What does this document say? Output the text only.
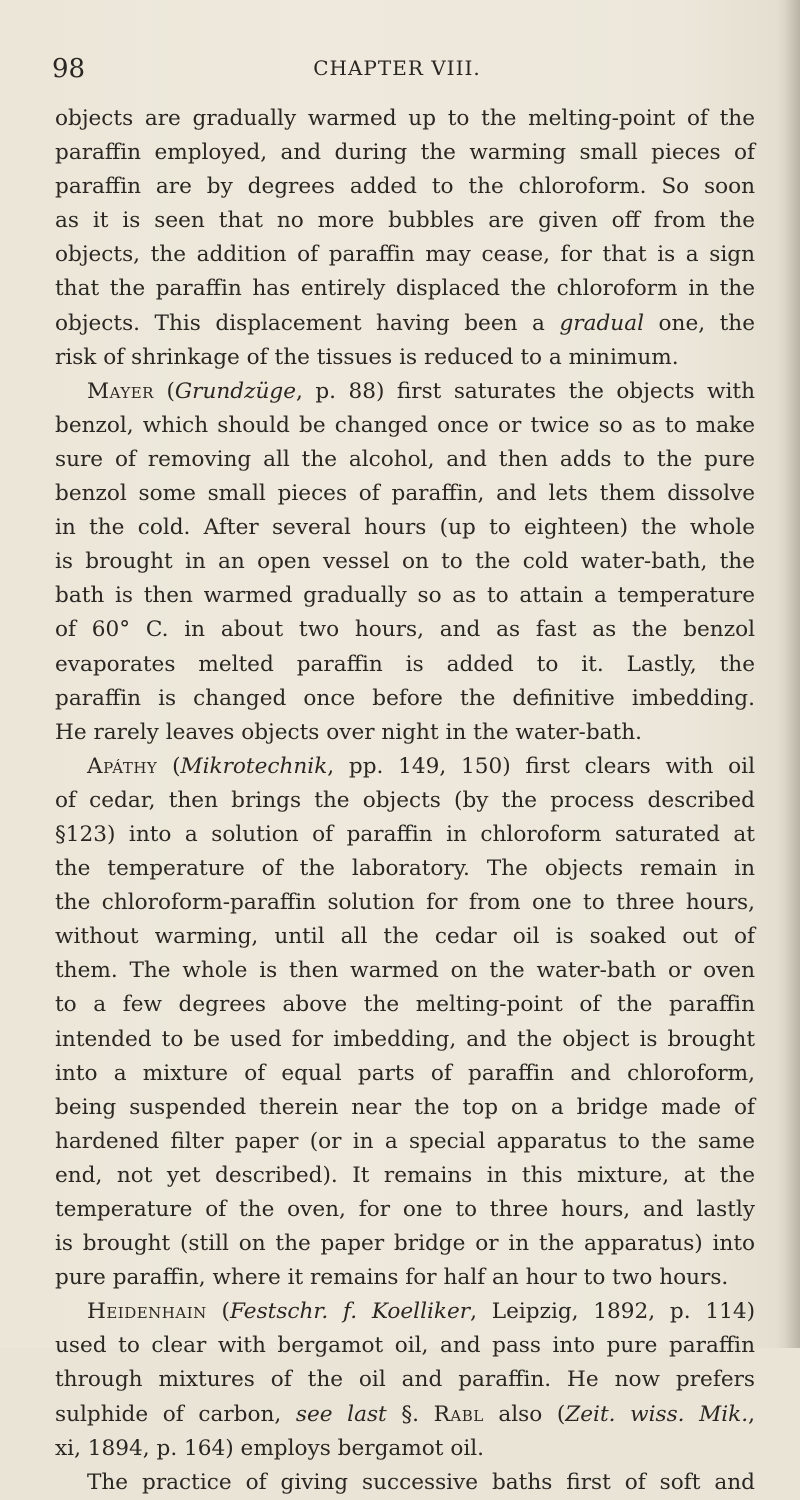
98	CHAPTER VIII.
objects are gradually warmed up to the melting-point of the
paraffin employed, and during the warming small pieces of
paraffin are by degrees added to the chloroform. So soon
as it is seen that no more bubbles are given off from the
objects, the addition of paraffin may cease, for that is a sign
that the paraffin has entirely displaced the chloroform in the
objects. This displacement having been a gradual one, the
risk of shrinkage of the tissues is reduced to a minimum.
Mayer (Grundzüge, p. 88) first saturates the objects with
benzol, which should be changed once or twice so as to make
sure of removing all the alcohol, and then adds to the pure
benzol some small pieces of paraffin, and lets them dissolve
in the cold. After several hours (up to eighteen) the whole
is brought in an open vessel on to the cold water-bath, the
bath is then warmed gradually so as to attain a temperature
of 60° C. in about two hours, and as fast as the benzol
evaporates melted paraffin is added to it. Lastly, the
paraffin is changed once before the definitive imbedding.
He rarely leaves objects over night in the water-bath.
Apáthy (Mikrotechnik, pp. 149, 150) first clears with oil
of cedar, then brings the objects (by the process described
§123) into a solution of paraffin in chloroform saturated at
the temperature of the laboratory. The objects remain in
the chloroform-paraffin solution for from one to three hours,
without warming, until all the cedar oil is soaked out of
them. The whole is then warmed on the water-bath or oven
to a few degrees above the melting-point of the paraffin
intended to be used for imbedding, and the object is brought
into a mixture of equal parts of paraffin and chloroform,
being suspended therein near the top on a bridge made of
hardened filter paper (or in a special apparatus to the same
end, not yet described). It remains in this mixture, at the
temperature of the oven, for one to three hours, and lastly
is brought (still on the paper bridge or in the apparatus) into
pure paraffin, where it remains for half an hour to two hours.
Heidenhain (Festschr. f. Koelliker, Leipzig, 1892, p. 114)
used to clear with bergamot oil, and pass into pure paraffin
through mixtures of the oil and paraffin. He now prefers
sulphide of carbon, see last §. Rabl also (Zeit. wiss. Mik.,
xi, 1894, p. 164) employs bergamot oil.
The practice of giving successive baths first of soft and
